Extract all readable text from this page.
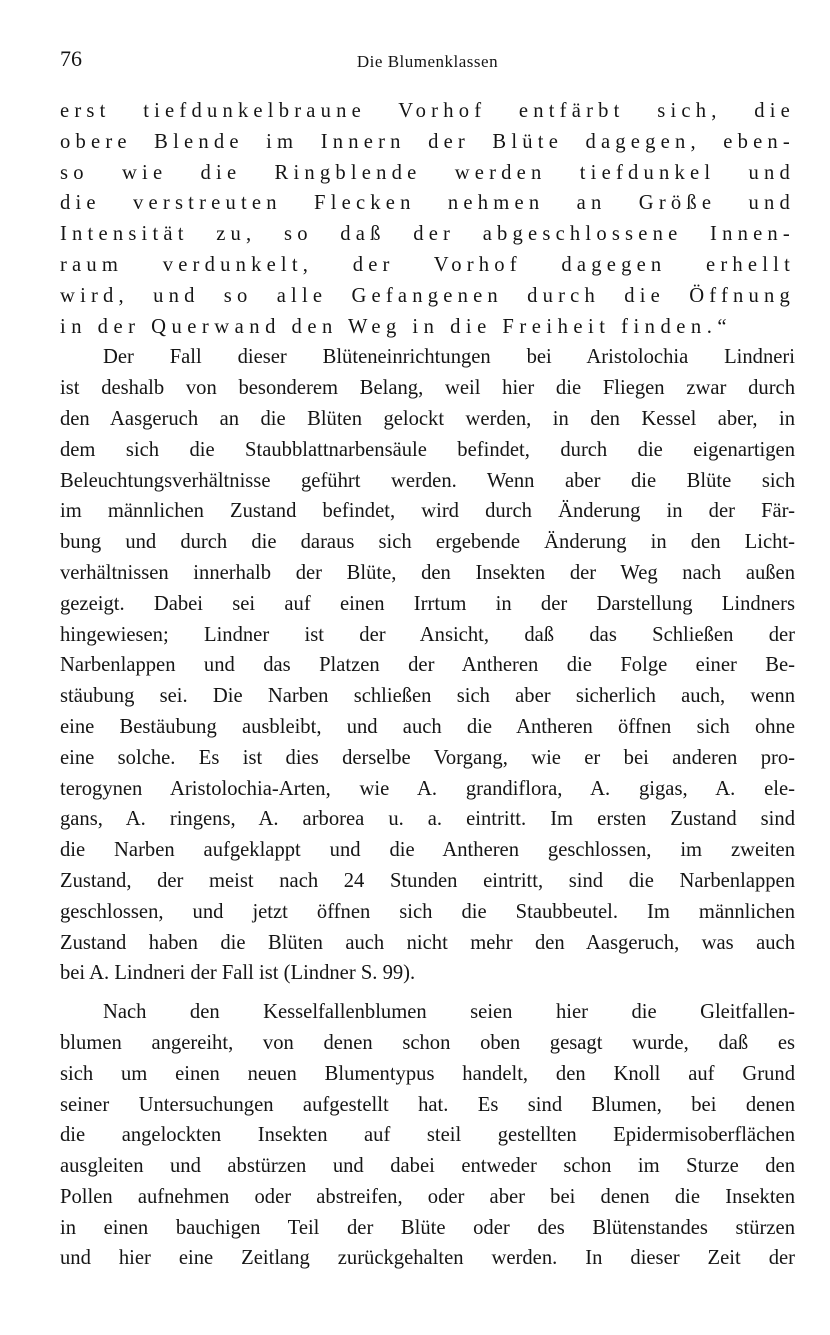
76	Die Blumenklassen
erst tiefdunkelbraune Vorhof entfärbt sich, die
obere Blende im Innern der Blüte dagegen, eben-
so wie die Ringblende werden tiefdunkel und
die verstreuten Flecken nehmen an Größe und
Intensität zu, so daß der abgeschlossene Innen-
raum verdunkelt, der Vorhof dagegen erhellt
wird, und so alle Gefangenen durch die Öffnung
in der Querwand den Weg in die Freiheit finden.“
Der Fall dieser Blüteneinrichtungen bei Aristolochia Lindneri
ist deshalb von besonderem Belang, weil hier die Fliegen zwar durch
den Aasgeruch an die Blüten gelockt werden, in den Kessel aber, in
dem sich die Staubblattnarbensäule befindet, durch die eigenartigen
Beleuchtungsverhältnisse geführt werden. Wenn aber die Blüte sich
im männlichen Zustand befindet, wird durch Änderung in der Fär-
bung und durch die daraus sich ergebende Änderung in den Licht-
verhältnissen innerhalb der Blüte, den Insekten der Weg nach außen
gezeigt. Dabei sei auf einen Irrtum in der Darstellung Lindners
hingewiesen; Lindner ist der Ansicht, daß das Schließen der
Narbenlappen und das Platzen der Antheren die Folge einer Be-
stäubung sei. Die Narben schließen sich aber sicherlich auch, wenn
eine Bestäubung ausbleibt, und auch die Antheren öffnen sich ohne
eine solche. Es ist dies derselbe Vorgang, wie er bei anderen pro-
terogynen Aristolochia-Arten, wie A. grandiflora, A. gigas, A. ele-
gans, A. ringens, A. arborea u. a. eintritt. Im ersten Zustand sind
die Narben aufgeklappt und die Antheren geschlossen, im zweiten
Zustand, der meist nach 24 Stunden eintritt, sind die Narbenlappen
geschlossen, und jetzt öffnen sich die Staubbeutel. Im männlichen
Zustand haben die Blüten auch nicht mehr den Aasgeruch, was auch
bei A. Lindneri der Fall ist (Lindner S. 99).
Nach den Kesselfallenblumen seien hier die Gleitfallen-
blumen angereiht, von denen schon oben gesagt wurde, daß es
sich um einen neuen Blumentypus handelt, den Knoll auf Grund
seiner Untersuchungen aufgestellt hat. Es sind Blumen, bei denen
die angelockten Insekten auf steil gestellten Epidermisoberflächen
ausgleiten und abstürzen und dabei entweder schon im Sturze den
Pollen aufnehmen oder abstreifen, oder aber bei denen die Insekten
in einen bauchigen Teil der Blüte oder des Blütenstandes stürzen
und hier eine Zeitlang zurückgehalten werden. In dieser Zeit der
